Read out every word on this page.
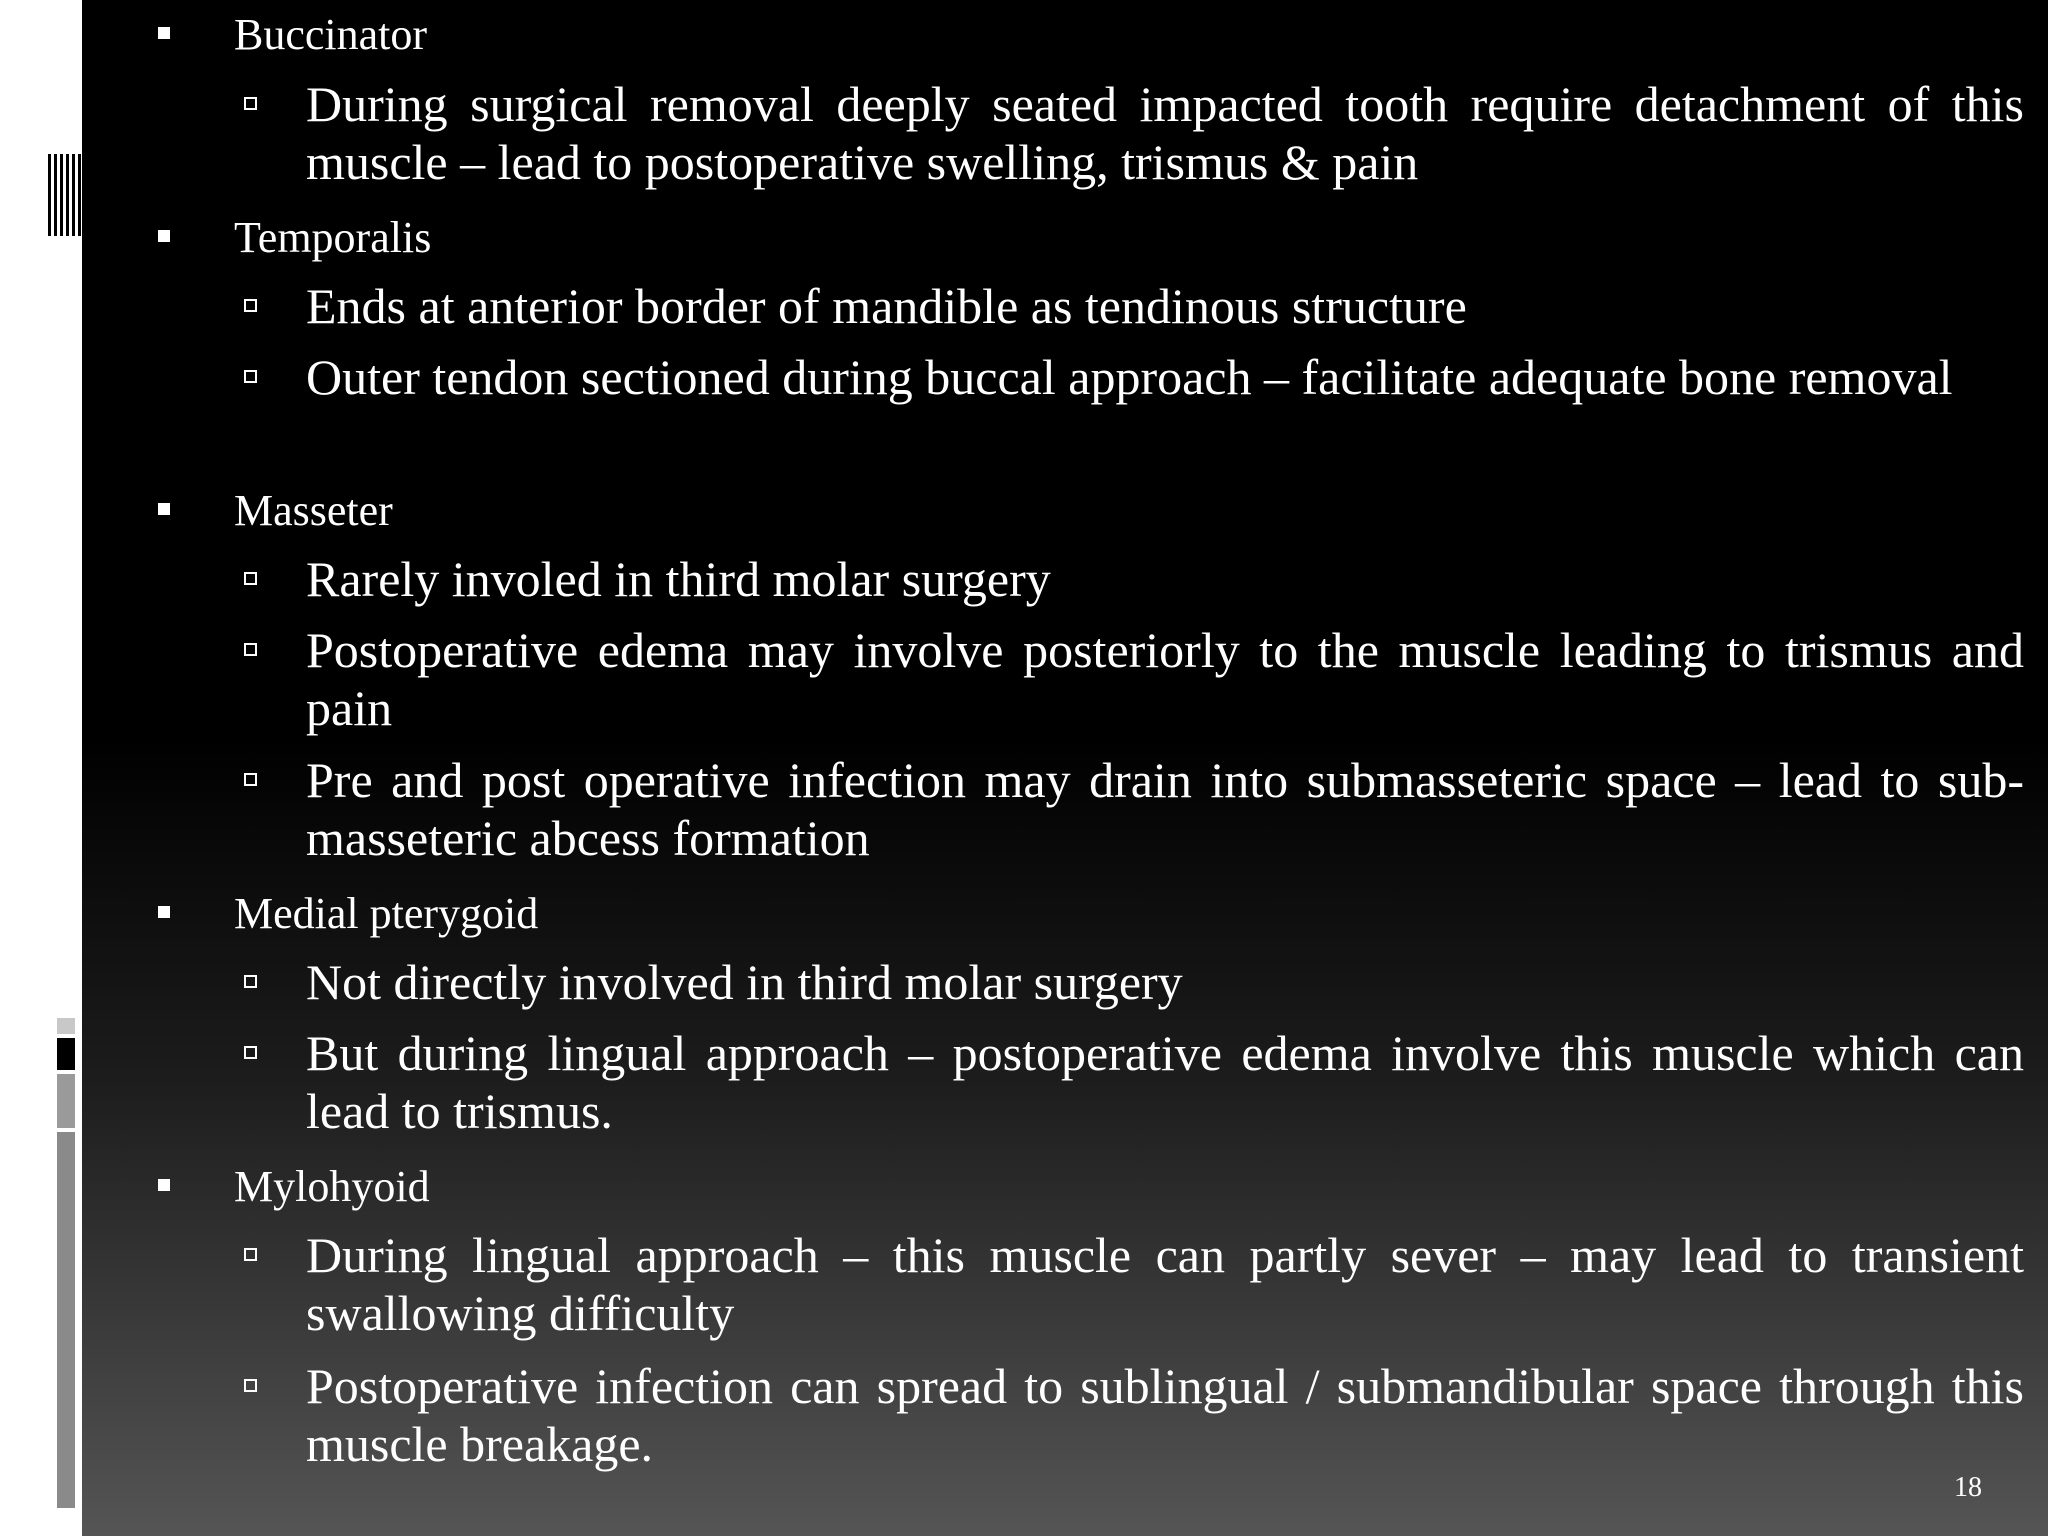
Buccinator
During surgical removal deeply seated impacted tooth require detachment of this muscle – lead to postoperative swelling, trismus & pain
Temporalis
Ends at anterior border of mandible as tendinous structure
Outer tendon sectioned during buccal approach – facilitate adequate bone removal
Masseter
Rarely involed in third molar surgery
Postoperative edema may involve posteriorly to the muscle leading to trismus and pain
Pre and post operative infection may drain into submasseteric space – lead to sub-masseteric abcess formation
Medial pterygoid
Not directly involved in third molar surgery
But during lingual approach – postoperative edema involve this muscle which can lead to trismus.
Mylohyoid
During lingual approach – this muscle can partly sever – may lead to transient swallowing difficulty
Postoperative infection can spread to sublingual / submandibular space through this muscle breakage.
18
